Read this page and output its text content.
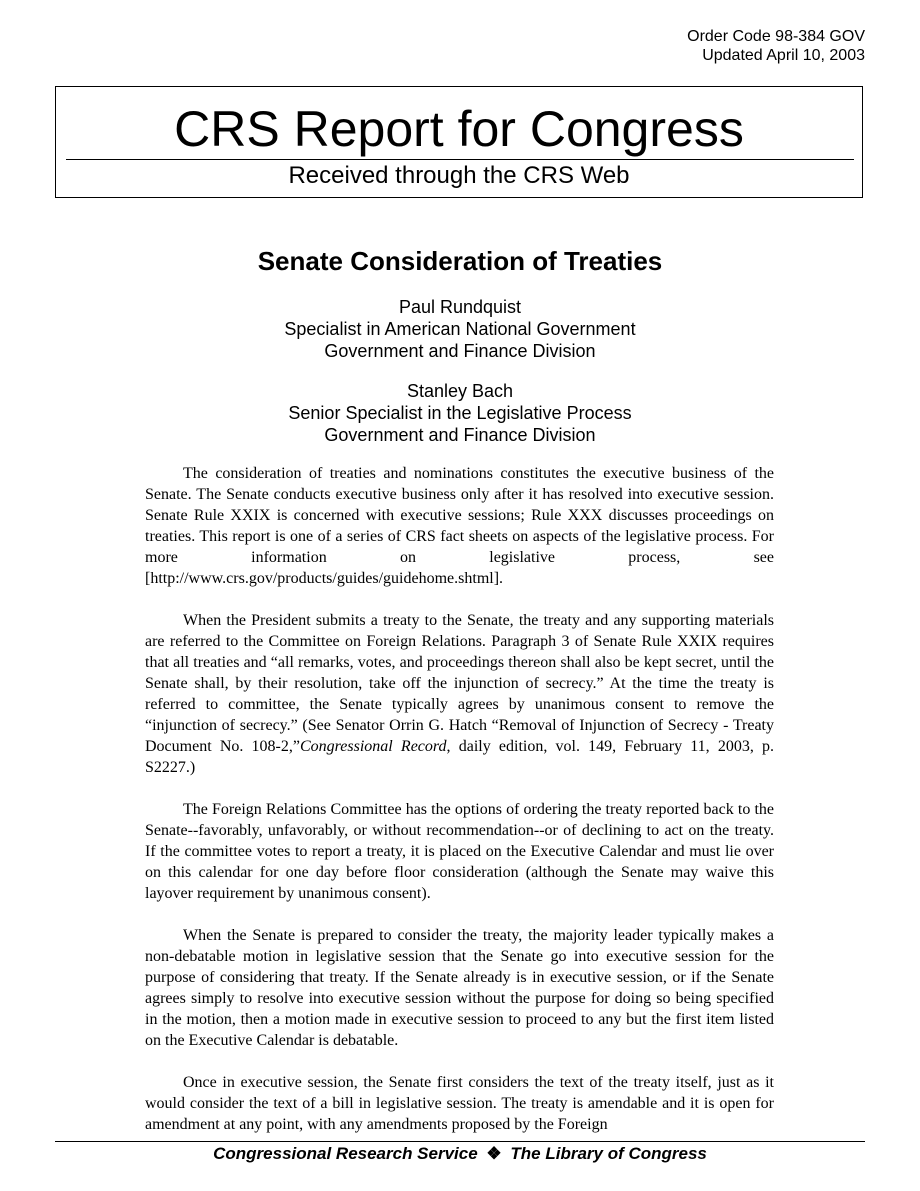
Order Code 98-384 GOV
Updated April 10, 2003
CRS Report for Congress
Received through the CRS Web
Senate Consideration of Treaties
Paul Rundquist
Specialist in American National Government
Government and Finance Division
Stanley Bach
Senior Specialist in the Legislative Process
Government and Finance Division

The consideration of treaties and nominations constitutes the executive business of the Senate. The Senate conducts executive business only after it has resolved into executive session. Senate Rule XXIX is concerned with executive sessions; Rule XXX discusses proceedings on treaties. This report is one of a series of CRS fact sheets on aspects of the legislative process. For more information on legislative process, see [http://www.crs.gov/products/guides/guidehome.shtml].

When the President submits a treaty to the Senate, the treaty and any supporting materials are referred to the Committee on Foreign Relations. Paragraph 3 of Senate Rule XXIX requires that all treaties and “all remarks, votes, and proceedings thereon shall also be kept secret, until the Senate shall, by their resolution, take off the injunction of secrecy.” At the time the treaty is referred to committee, the Senate typically agrees by unanimous consent to remove the “injunction of secrecy.” (See Senator Orrin G. Hatch “Removal of Injunction of Secrecy - Treaty Document No. 108-2,”Congressional Record, daily edition, vol. 149, February 11, 2003, p. S2227.)

The Foreign Relations Committee has the options of ordering the treaty reported back to the Senate--favorably, unfavorably, or without recommendation--or of declining to act on the treaty. If the committee votes to report a treaty, it is placed on the Executive Calendar and must lie over on this calendar for one day before floor consideration (although the Senate may waive this layover requirement by unanimous consent).

When the Senate is prepared to consider the treaty, the majority leader typically makes a non-debatable motion in legislative session that the Senate go into executive session for the purpose of considering that treaty. If the Senate already is in executive session, or if the Senate agrees simply to resolve into executive session without the purpose for doing so being specified in the motion, then a motion made in executive session to proceed to any but the first item listed on the Executive Calendar is debatable.

Once in executive session, the Senate first considers the text of the treaty itself, just as it would consider the text of a bill in legislative session. The treaty is amendable and it is open for amendment at any point, with any amendments proposed by the Foreign

Congressional Research Service ❖ The Library of Congress
